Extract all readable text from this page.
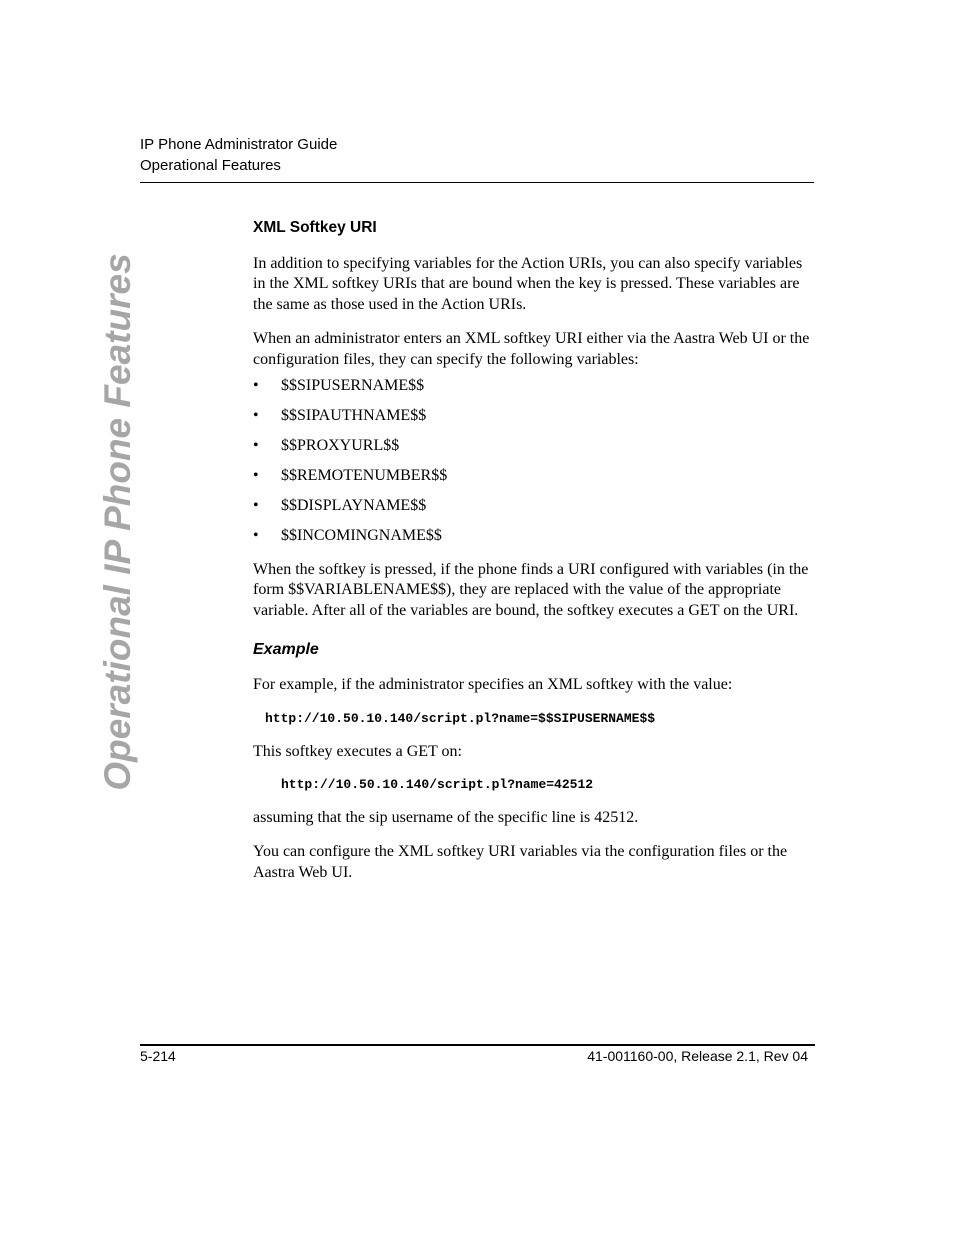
IP Phone Administrator Guide
Operational Features
Operational IP Phone Features
XML Softkey URI

In addition to specifying variables for the Action URIs, you can also specify variables in the XML softkey URIs that are bound when the key is pressed. These variables are the same as those used in the Action URIs.

When an administrator enters an XML softkey URI either via the Aastra Web UI or the configuration files, they can specify the following variables:

• $$SIPUSERNAME$$
• $$SIPAUTHNAME$$
• $$PROXYURL$$
• $$REMOTENUMBER$$
• $$DISPLAYNAME$$
• $$INCOMINGNAME$$

When the softkey is pressed, if the phone finds a URI configured with variables (in the form $$VARIABLENAME$$), they are replaced with the value of the appropriate variable. After all of the variables are bound, the softkey executes a GET on the URI.

Example

For example, if the administrator specifies an XML softkey with the value:

http://10.50.10.140/script.pl?name=$$SIPUSERNAME$$

This softkey executes a GET on:

http://10.50.10.140/script.pl?name=42512

assuming that the sip username of the specific line is 42512.

You can configure the XML softkey URI variables via the configuration files or the Aastra Web UI.

5-214	41-001160-00, Release 2.1, Rev 04
